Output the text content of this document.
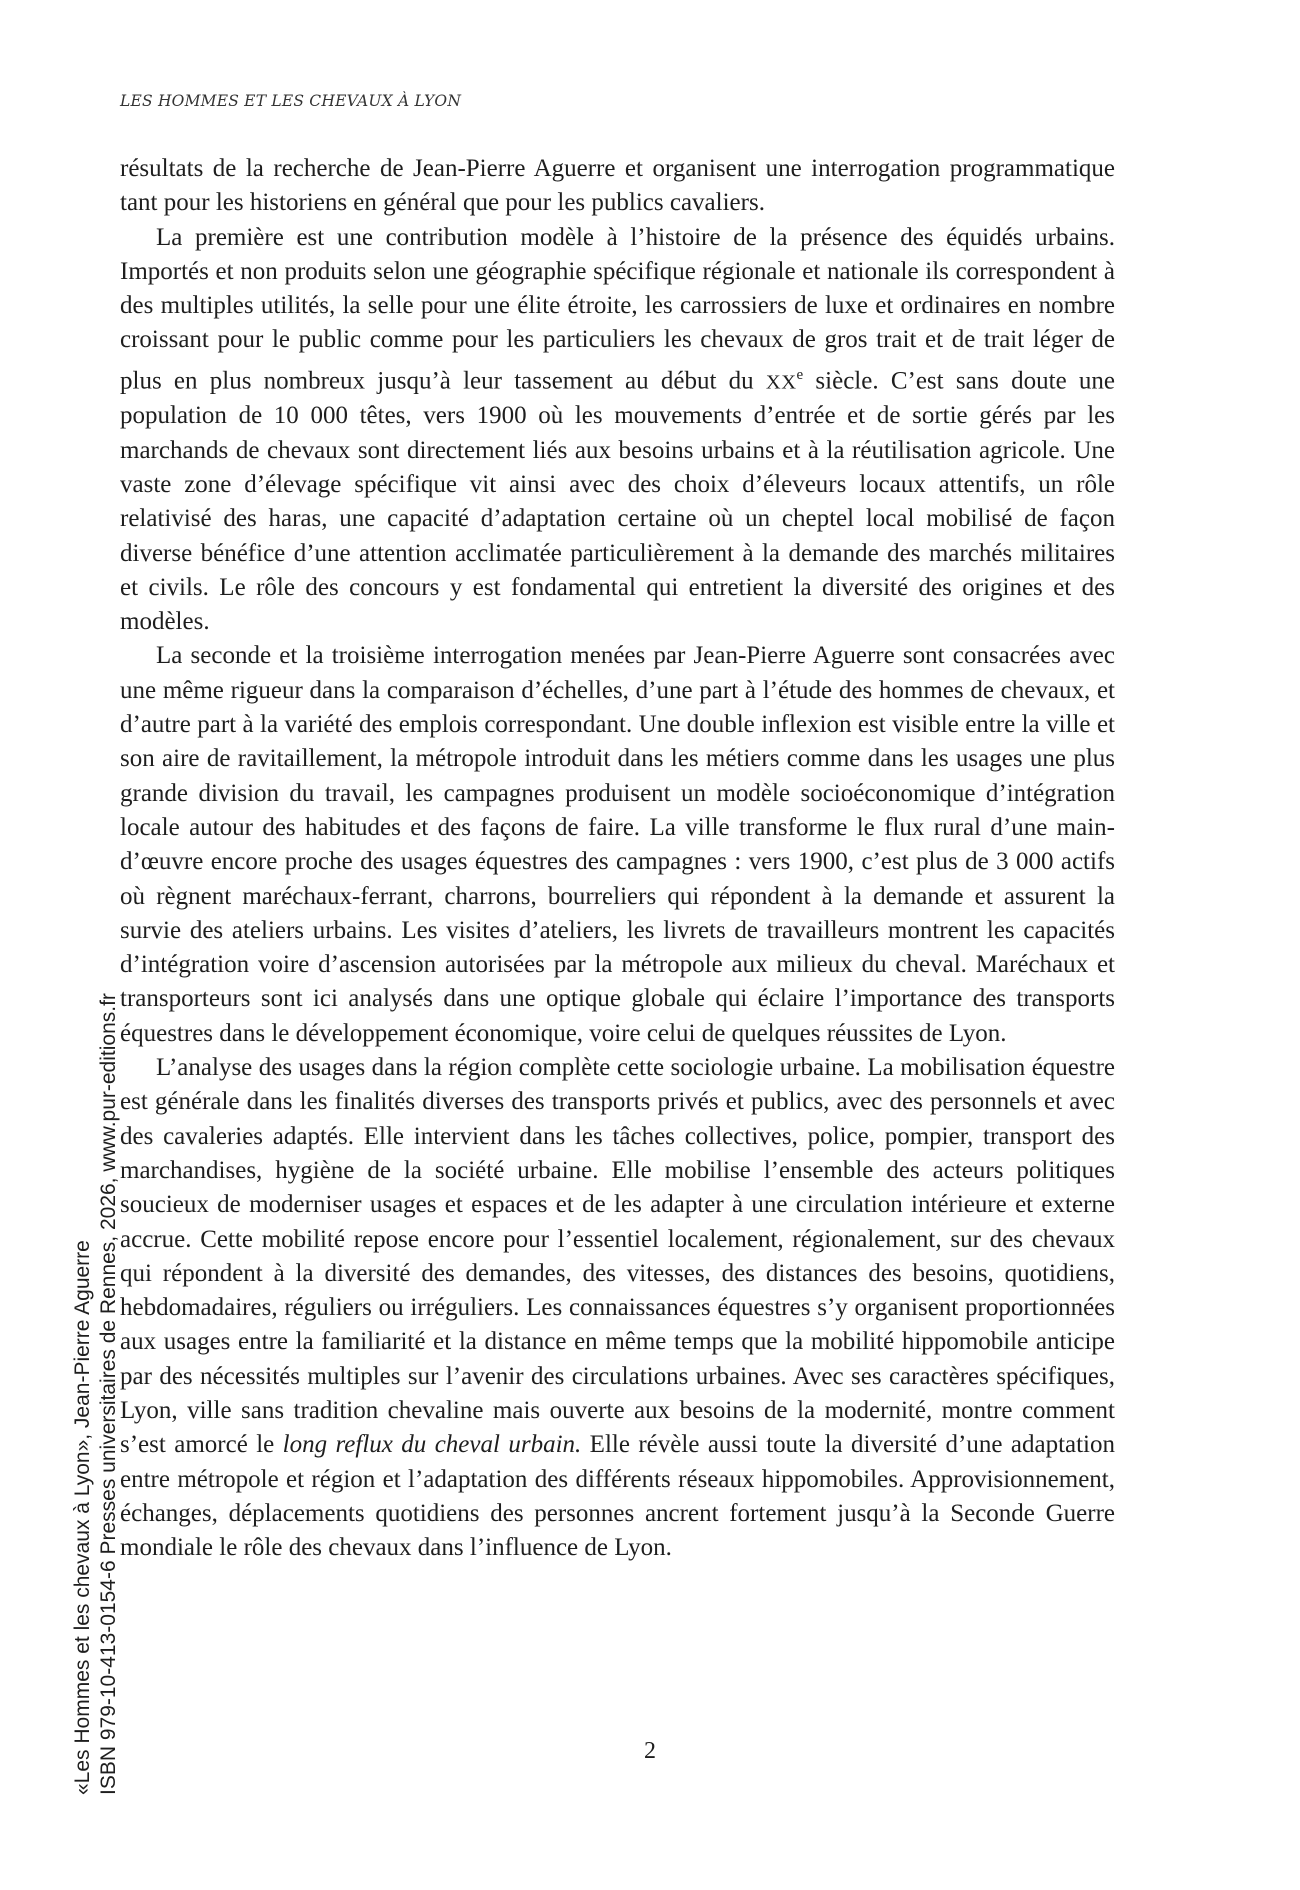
LES HOMMES ET LES CHEVAUX À LYON

résultats de la recherche de Jean-Pierre Aguerre et organisent une interrogation programmatique tant pour les historiens en général que pour les publics cavaliers.

La première est une contribution modèle à l’histoire de la présence des équidés urbains. Importés et non produits selon une géographie spécifique régionale et nationale ils correspondent à des multiples utilités, la selle pour une élite étroite, les carrossiers de luxe et ordinaires en nombre croissant pour le public comme pour les particuliers les chevaux de gros trait et de trait léger de plus en plus nombreux jusqu’à leur tassement au début du XXe siècle. C’est sans doute une population de 10 000 têtes, vers 1900 où les mouvements d’entrée et de sortie gérés par les marchands de chevaux sont directement liés aux besoins urbains et à la réutilisation agricole. Une vaste zone d’élevage spécifique vit ainsi avec des choix d’éleveurs locaux attentifs, un rôle relativisé des haras, une capacité d’adaptation certaine où un cheptel local mobilisé de façon diverse bénéfice d’une attention acclimatée particulièrement à la demande des marchés militaires et civils. Le rôle des concours y est fondamental qui entretient la diversité des origines et des modèles.

La seconde et la troisième interrogation menées par Jean-Pierre Aguerre sont consacrées avec une même rigueur dans la comparaison d’échelles, d’une part à l’étude des hommes de chevaux, et d’autre part à la variété des emplois correspondant. Une double inflexion est visible entre la ville et son aire de ravitaillement, la métropole introduit dans les métiers comme dans les usages une plus grande division du travail, les campagnes produisent un modèle socioéconomique d’intégration locale autour des habitudes et des façons de faire. La ville transforme le flux rural d’une main-d’œuvre encore proche des usages équestres des campagnes : vers 1900, c’est plus de 3 000 actifs où règnent maréchaux-ferrant, charrons, bourreliers qui répondent à la demande et assurent la survie des ateliers urbains. Les visites d’ateliers, les livrets de travailleurs montrent les capacités d’intégration voire d’ascension autorisées par la métropole aux milieux du cheval. Maréchaux et transporteurs sont ici analysés dans une optique globale qui éclaire l’importance des transports équestres dans le développement économique, voire celui de quelques réussites de Lyon.

L’analyse des usages dans la région complète cette sociologie urbaine. La mobilisation équestre est générale dans les finalités diverses des transports privés et publics, avec des personnels et avec des cavaleries adaptés. Elle intervient dans les tâches collectives, police, pompier, transport des marchandises, hygiène de la société urbaine. Elle mobilise l’ensemble des acteurs politiques soucieux de moderniser usages et espaces et de les adapter à une circulation intérieure et externe accrue. Cette mobilité repose encore pour l’essentiel localement, régionalement, sur des chevaux qui répondent à la diversité des demandes, des vitesses, des distances des besoins, quotidiens, hebdomadaires, réguliers ou irréguliers. Les connaissances équestres s’y organisent proportionnées aux usages entre la familiarité et la distance en même temps que la mobilité hippomobile anticipe par des nécessités multiples sur l’avenir des circulations urbaines. Avec ses caractères spécifiques, Lyon, ville sans tradition chevaline mais ouverte aux besoins de la modernité, montre comment s’est amorcé le long reflux du cheval urbain. Elle révèle aussi toute la diversité d’une adaptation entre métropole et région et l’adaptation des différents réseaux hippomobiles. Approvisionnement, échanges, déplacements quotidiens des personnes ancrent fortement jusqu’à la Seconde Guerre mondiale le rôle des chevaux dans l’influence de Lyon.

2
«Les Hommes et les chevaux à Lyon», Jean-Pierre Aguerre ISBN 979-10-413-0154-6 Presses universitaires de Rennes, 2026, www.pur-editions.fr
